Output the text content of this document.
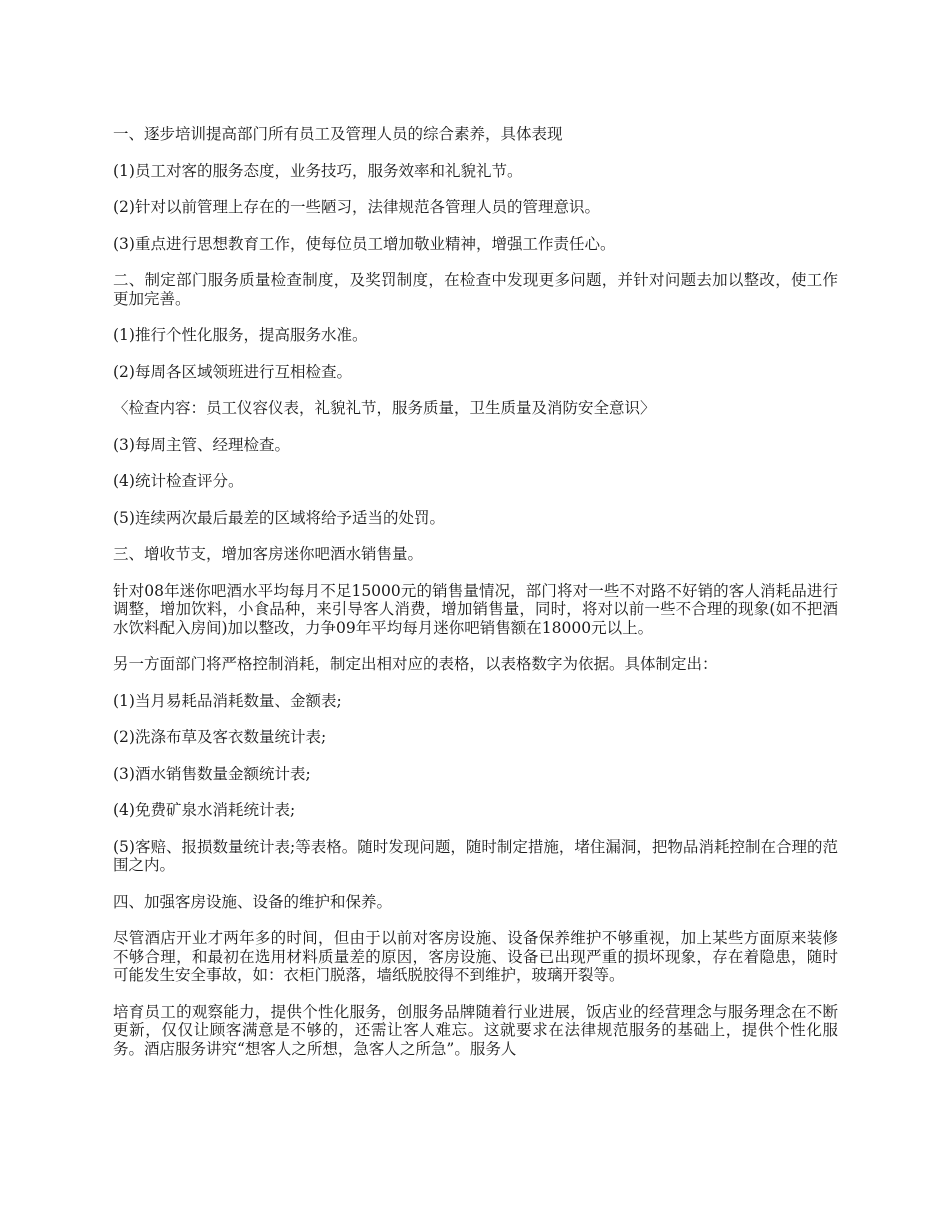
一、逐步培训提高部门所有员工及管理人员的综合素养，具体表现

(1)员工对客的服务态度，业务技巧，服务效率和礼貌礼节。

(2)针对以前管理上存在的一些陋习，法律规范各管理人员的管理意识。

(3)重点进行思想教育工作，使每位员工增加敬业精神，增强工作责任心。

二、制定部门服务质量检查制度，及奖罚制度，在检查中发现更多问题，并针对问题去加以整改，使工作更加完善。

(1)推行个性化服务，提高服务水准。

(2)每周各区域领班进行互相检查。

〈检查内容：员工仪容仪表，礼貌礼节，服务质量，卫生质量及消防安全意识〉

(3)每周主管、经理检查。

(4)统计检查评分。

(5)连续两次最后最差的区域将给予适当的处罚。

三、增收节支，增加客房迷你吧酒水销售量。

针对08年迷你吧酒水平均每月不足15000元的销售量情况，部门将对一些不对路不好销的客人消耗品进行调整，增加饮料，小食品种，来引导客人消费，增加销售量，同时，将对以前一些不合理的现象(如不把酒水饮料配入房间)加以整改，力争09年平均每月迷你吧销售额在18000元以上。

另一方面部门将严格控制消耗，制定出相对应的表格，以表格数字为依据。具体制定出：

(1)当月易耗品消耗数量、金额表;

(2)洗涤布草及客衣数量统计表;

(3)酒水销售数量金额统计表;

(4)免费矿泉水消耗统计表;

(5)客赔、报损数量统计表;等表格。随时发现问题，随时制定措施，堵住漏洞，把物品消耗控制在合理的范围之内。

四、加强客房设施、设备的维护和保养。

尽管酒店开业才两年多的时间，但由于以前对客房设施、设备保养维护不够重视，加上某些方面原来装修不够合理，和最初在选用材料质量差的原因，客房设施、设备已出现严重的损坏现象，存在着隐患，随时可能发生安全事故，如：衣柜门脱落，墙纸脱胶得不到维护，玻璃开裂等。

培育员工的观察能力，提供个性化服务，创服务品牌随着行业进展，饭店业的经营理念与服务理念在不断更新，仅仅让顾客满意是不够的，还需让客人难忘。这就要求在法律规范服务的基础上，提供个性化服务。酒店服务讲究“想客人之所想，急客人之所急”。服务人
